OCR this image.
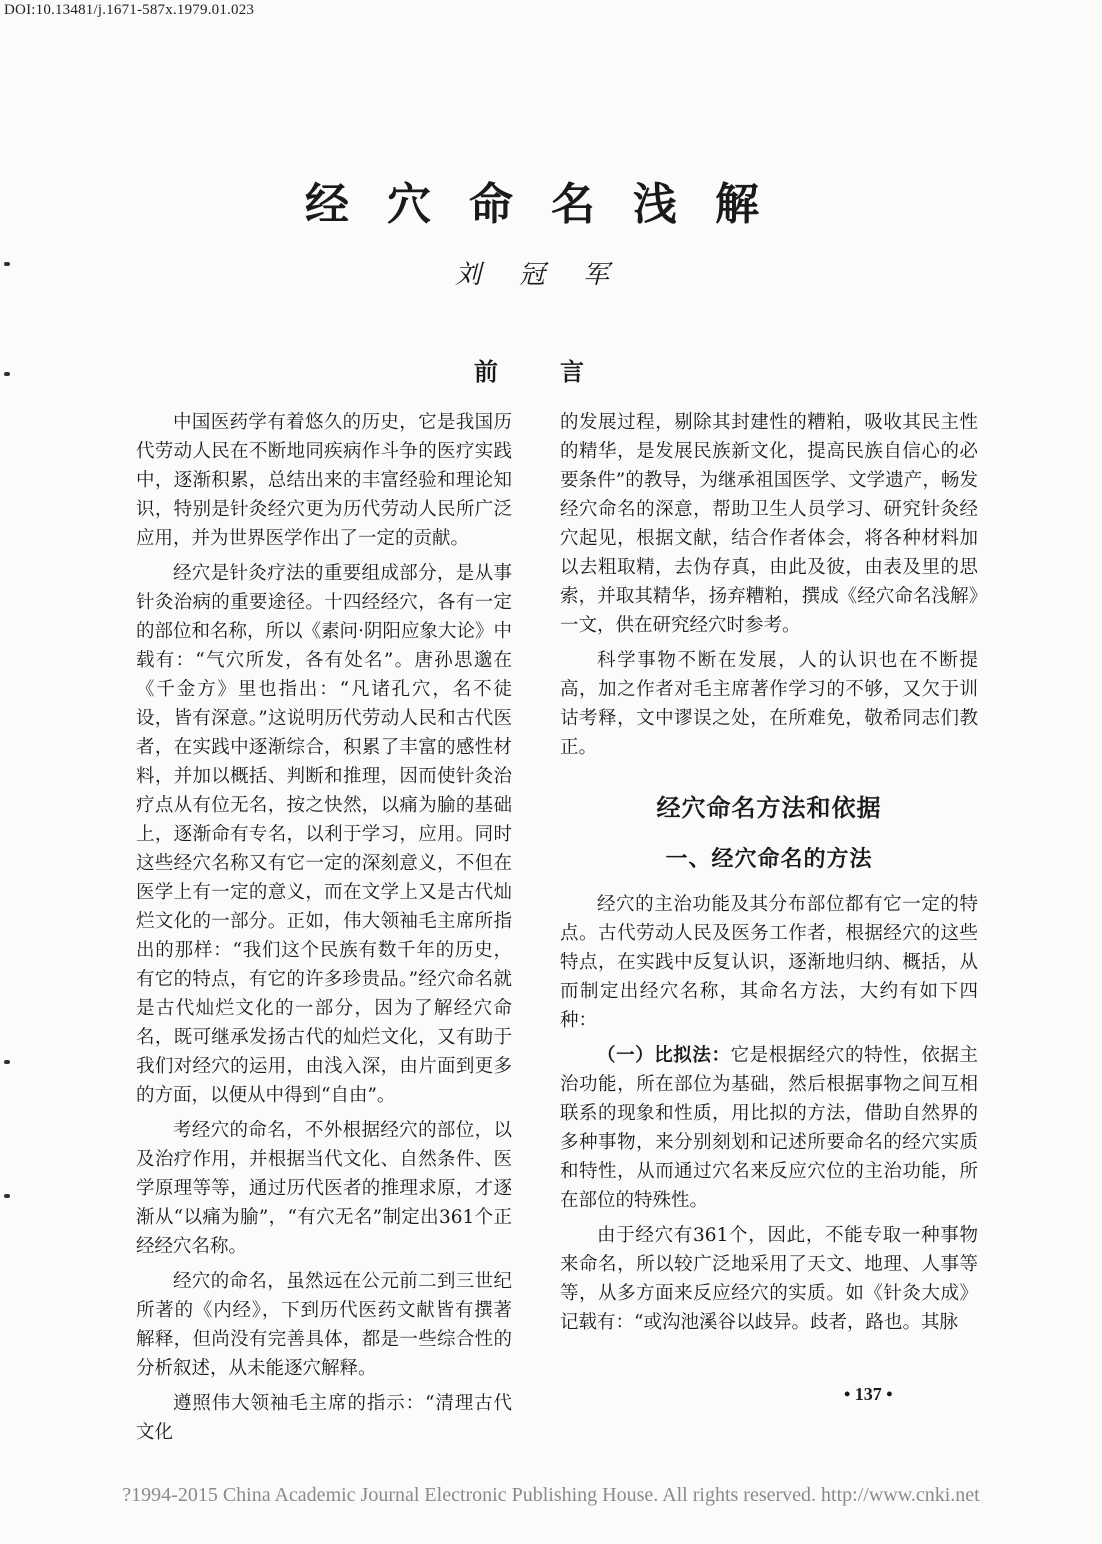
DOI:10.13481/j.1671-587x.1979.01.023
经穴命名浅解
刘冠军
前言

中国医药学有着悠久的历史，它是我国历代劳动人民在不断地同疾病作斗争的医疗实践中，逐渐积累，总结出来的丰富经验和理论知识，特别是针灸经穴更为历代劳动人民所广泛应用，并为世界医学作出了一定的贡献。

经穴是针灸疗法的重要组成部分，是从事针灸治病的重要途径。十四经经穴，各有一定的部位和名称，所以《素问·阴阳应象大论》中载有：“气穴所发，各有处名”。唐孙思邈在《千金方》里也指出：“凡诸孔穴，名不徒设，皆有深意。”这说明历代劳动人民和古代医者，在实践中逐渐综合，积累了丰富的感性材料，并加以概括、判断和推理，因而使针灸治疗点从有位无名，按之快然，以痛为腧的基础上，逐渐命有专名，以利于学习，应用。同时这些经穴名称又有它一定的深刻意义，不但在医学上有一定的意义，而在文学上又是古代灿烂文化的一部分。正如，伟大领袖毛主席所指出的那样：“我们这个民族有数千年的历史，有它的特点，有它的许多珍贵品。”经穴命名就是古代灿烂文化的一部分，因为了解经穴命名，既可继承发扬古代的灿烂文化，又有助于我们对经穴的运用，由浅入深，由片面到更多的方面，以便从中得到“自由”。

考经穴的命名，不外根据经穴的部位，以及治疗作用，并根据当代文化、自然条件、医学原理等等，通过历代医者的推理求原，才逐渐从“以痛为腧”，“有穴无名”制定出361个正经经穴名称。

经穴的命名，虽然远在公元前二到三世纪所著的《内经》，下到历代医药文献皆有撰著解释，但尚没有完善具体，都是一些综合性的分析叙述，从未能逐穴解释。

遵照伟大领袖毛主席的指示：“清理古代文化

的发展过程，剔除其封建性的糟粕，吸收其民主性的精华，是发展民族新文化，提高民族自信心的必要条件”的教导，为继承祖国医学、文学遗产，畅发经穴命名的深意，帮助卫生人员学习、研究针灸经穴起见，根据文献，结合作者体会，将各种材料加以去粗取精，去伪存真，由此及彼，由表及里的思索，并取其精华，扬弃糟粕，撰成《经穴命名浅解》一文，供在研究经穴时参考。

科学事物不断在发展，人的认识也在不断提高，加之作者对毛主席著作学习的不够，又欠于训诂考释，文中谬误之处，在所难免，敬希同志们教正。

经穴命名方法和依据

一、经穴命名的方法

经穴的主治功能及其分布部位都有它一定的特点。古代劳动人民及医务工作者，根据经穴的这些特点，在实践中反复认识，逐渐地归纳、概括，从而制定出经穴名称，其命名方法，大约有如下四种：

（一）比拟法：它是根据经穴的特性，依据主治功能，所在部位为基础，然后根据事物之间互相联系的现象和性质，用比拟的方法，借助自然界的多种事物，来分别刻划和记述所要命名的经穴实质和特性，从而通过穴名来反应穴位的主治功能，所在部位的特殊性。

由于经穴有361个，因此，不能专取一种事物来命名，所以较广泛地采用了天文、地理、人事等等，从多方面来反应经穴的实质。如《针灸大成》记载有：“或沟池溪谷以歧异。歧者，路也。其脉

• 137 •
?1994-2015 China Academic Journal Electronic Publishing House. All rights reserved. http://www.cnki.net
